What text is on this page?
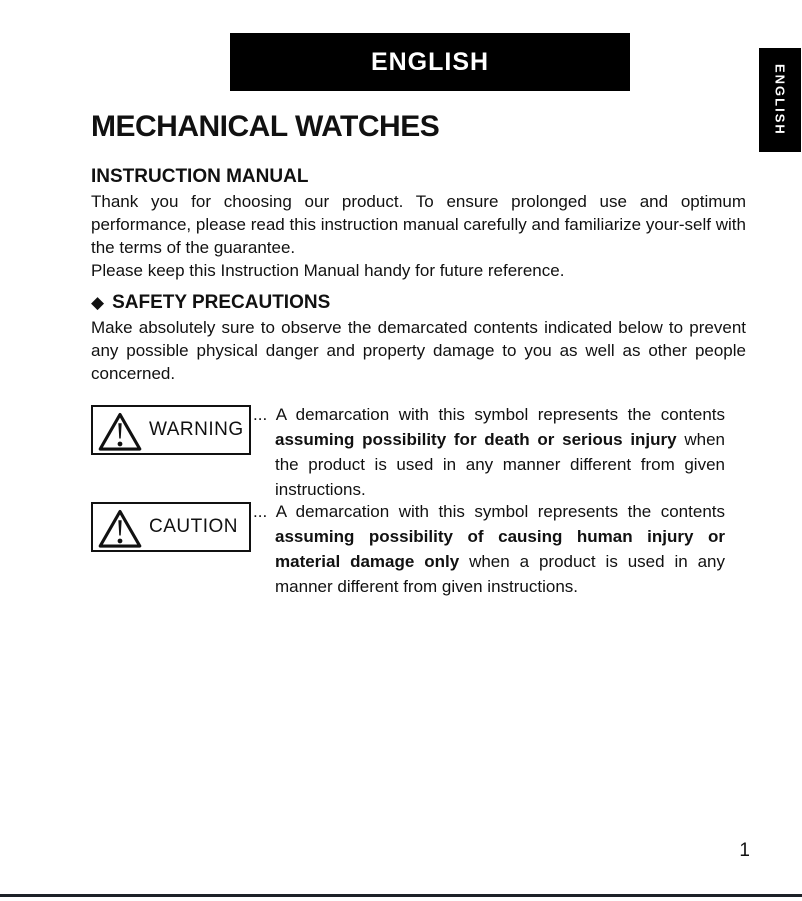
ENGLISH
ENGLISH
MECHANICAL WATCHES
INSTRUCTION MANUAL

Thank you for choosing our product. To ensure prolonged use and optimum performance, please read this instruction manual carefully and familiarize your-self with the terms of the guarantee.

Please keep this Instruction Manual handy for future reference.

◆ SAFETY PRECAUTIONS

Make absolutely sure to observe the demarcated contents indicated below to prevent any possible physical danger and property damage to you as well as other people concerned.

WARNING

... A demarcation with this symbol represents the contents assuming possibility for death or serious injury when the product is used in any manner different from given instructions.

CAUTION

... A demarcation with this symbol represents the contents assuming possibility of causing human injury or material damage only when a product is used in any manner different from given instructions.

1
